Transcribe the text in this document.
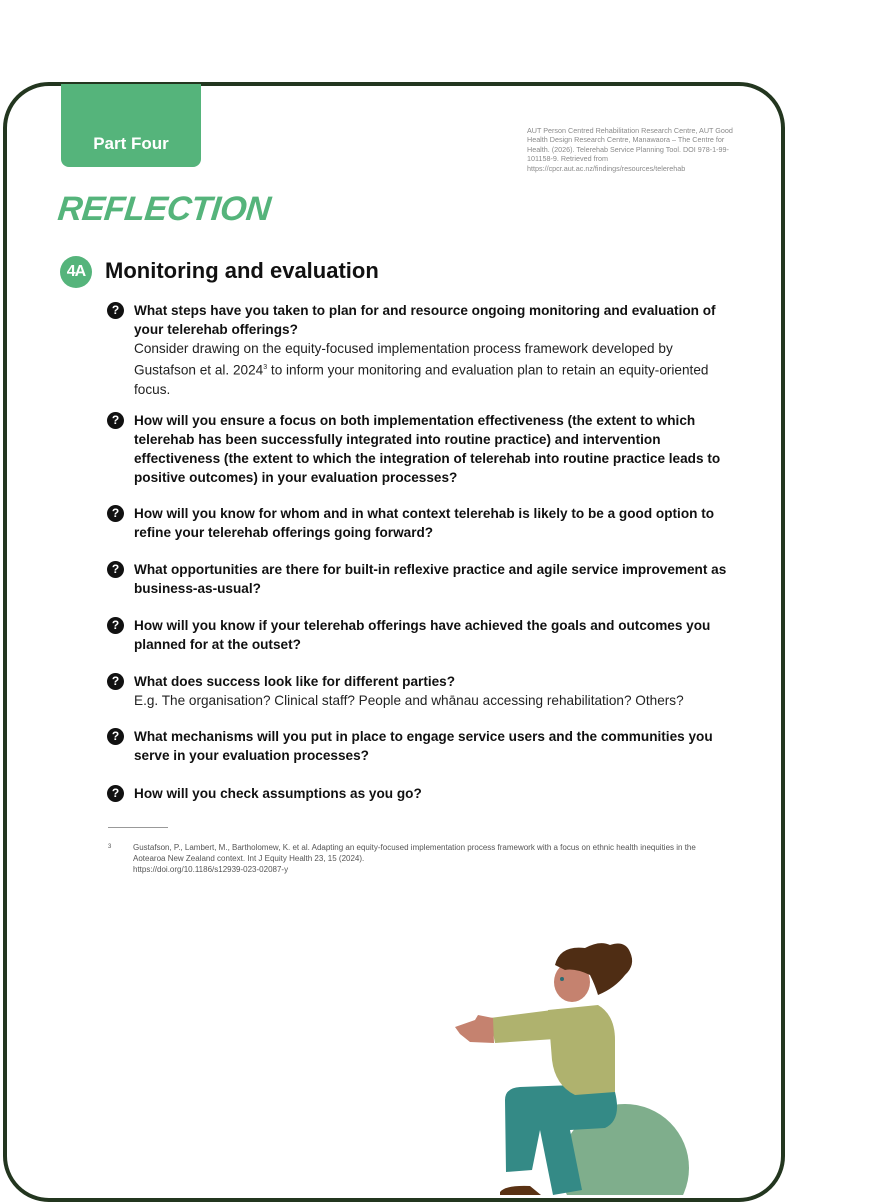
Part Four
AUT Person Centred Rehabilitation Research Centre, AUT Good Health Design Research Centre, Manawaora – The Centre for Health. (2026). Telerehab Service Planning Tool. DOI 978-1-99-101158-9. Retrieved from https://cpcr.aut.ac.nz/findings/resources/telerehab
REFLECTION
4A Monitoring and evaluation
?	What steps have you taken to plan for and resource ongoing monitoring and evaluation of your telerehab offerings?
Consider drawing on the equity-focused implementation process framework developed by Gustafson et al. 2024$^3$ to inform your monitoring and evaluation plan to retain an equity-oriented focus.
?	How will you ensure a focus on both implementation effectiveness (the extent to which telerehab has been successfully integrated into routine practice) and intervention effectiveness (the extent to which the integration of telerehab into routine practice leads to positive outcomes) in your evaluation processes?
?	How will you know for whom and in what context telerehab is likely to be a good option to refine your telerehab offerings going forward?
?	What opportunities are there for built-in reflexive practice and agile service improvement as business-as-usual?
?	How will you know if your telerehab offerings have achieved the goals and outcomes you planned for at the outset?
?	What does success look like for different parties?
E.g. The organisation? Clinical staff? People and whānau accessing rehabilitation? Others?
?	What mechanisms will you put in place to engage service users and the communities you serve in your evaluation processes?
?	How will you check assumptions as you go?
3	Gustafson, P., Lambert, M., Bartholomew, K. et al. Adapting an equity-focused implementation process framework with a focus on ethnic health inequities in the Aotearoa New Zealand context. Int J Equity Health 23, 15 (2024).
https://doi.org/10.1186/s12939-023-02087-y
